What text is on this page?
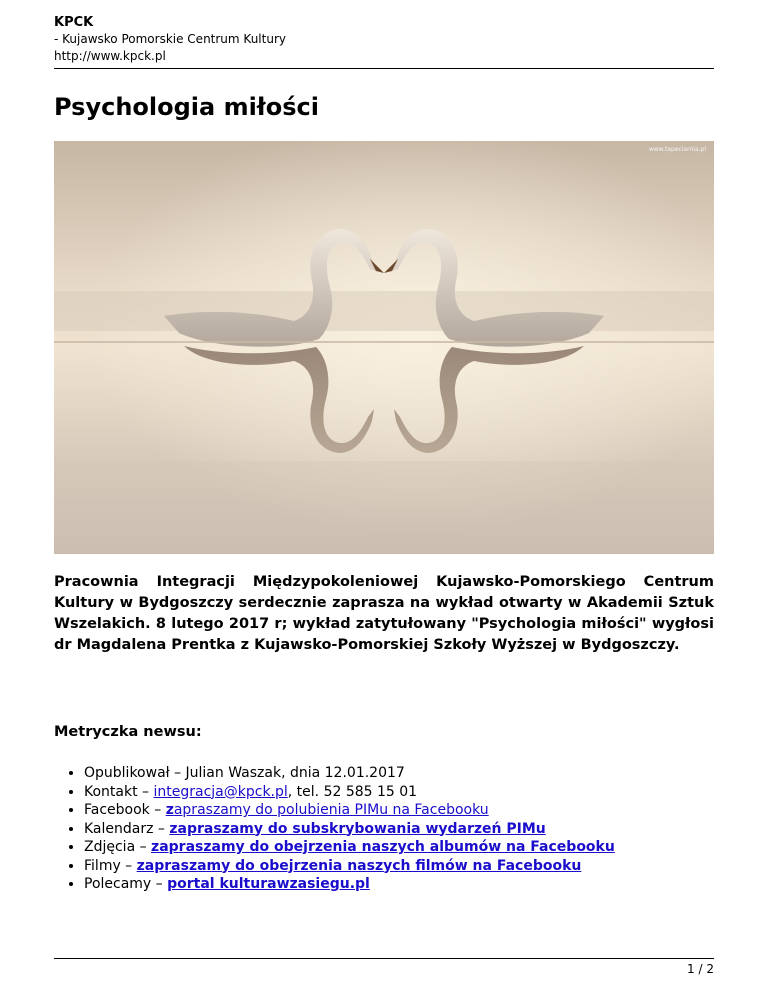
KPCK
- Kujawsko Pomorskie Centrum Kultury
http://www.kpck.pl
Psychologia miłości
www.tapeciarnia.pl

Pracownia Integracji Międzypokoleniowej Kujawsko-Pomorskiego Centrum Kultury w Bydgoszczy serdecznie zaprasza na wykład otwarty w Akademii Sztuk Wszelakich. 8 lutego 2017 r; wykład zatytułowany "Psychologia miłości" wygłosi dr Magdalena Prentka z Kujawsko-Pomorskiej Szkoły Wyższej w Bydgoszczy.

Metryczka newsu:

• Opublikował – Julian Waszak, dnia 12.01.2017
• Kontakt – integracja@kpck.pl, tel. 52 585 15 01
• Facebook – zapraszamy do polubienia PIMu na Facebooku
• Kalendarz – zapraszamy do subskrybowania wydarzeń PIMu
• Zdjęcia – zapraszamy do obejrzenia naszych albumów na Facebooku
• Filmy – zapraszamy do obejrzenia naszych filmów na Facebooku
• Polecamy – portal kulturawzasiegu.pl
1 / 2
